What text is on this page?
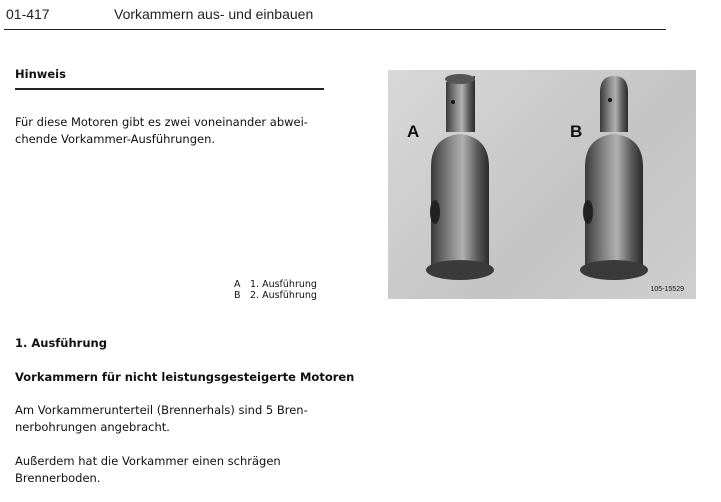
01-417	Vorkammern aus- und einbauen
Hinweis
Für diese Motoren gibt es zwei voneinander abwei-
chende Vorkammer-Ausführungen.
A 1. Ausführung
B 2. Ausführung
1. Ausführung
Vorkammern für nicht leistungsgesteigerte Motoren
Am Vorkammerunterteil (Brennerhals) sind 5 Bren-
nerbohrungen angebracht.
Außerdem hat die Vorkammer einen schrägen
Brennerboden.
A	B
105-15529
